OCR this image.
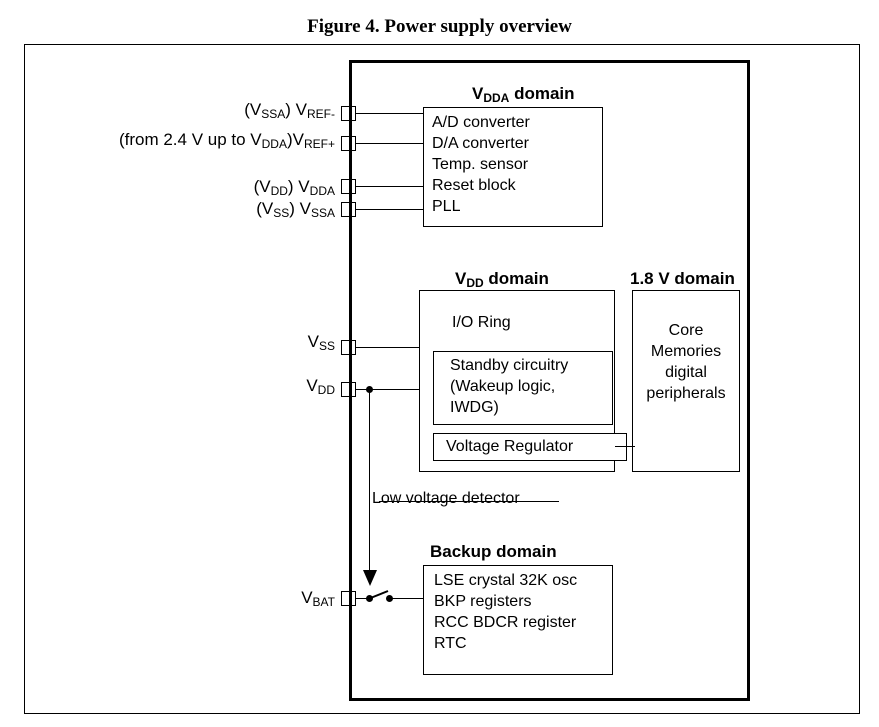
Figure 4. Power supply overview
$V_{DDA}$ domain
A/D converter
D/A converter
Temp. sensor
Reset block
PLL
$(V_{SSA})$ $V_{REF-}$
(from 2.4 V up to $V_{DDA})V_{REF+}$
$(V_{DD})$ $V_{DDA}$
$(V_{SS})$ $V_{SSA}$
$V_{DD}$ domain
I/O Ring
Standby circuitry
(Wakeup logic,
IWDG)
Voltage Regulator
1.8 V domain
Core
Memories
digital
peripherals
$V_{SS}$
$V_{DD}$
Low voltage detector
Backup domain
LSE crystal 32K osc
BKP registers
RCC BDCR register
RTC
$V_{BAT}$
